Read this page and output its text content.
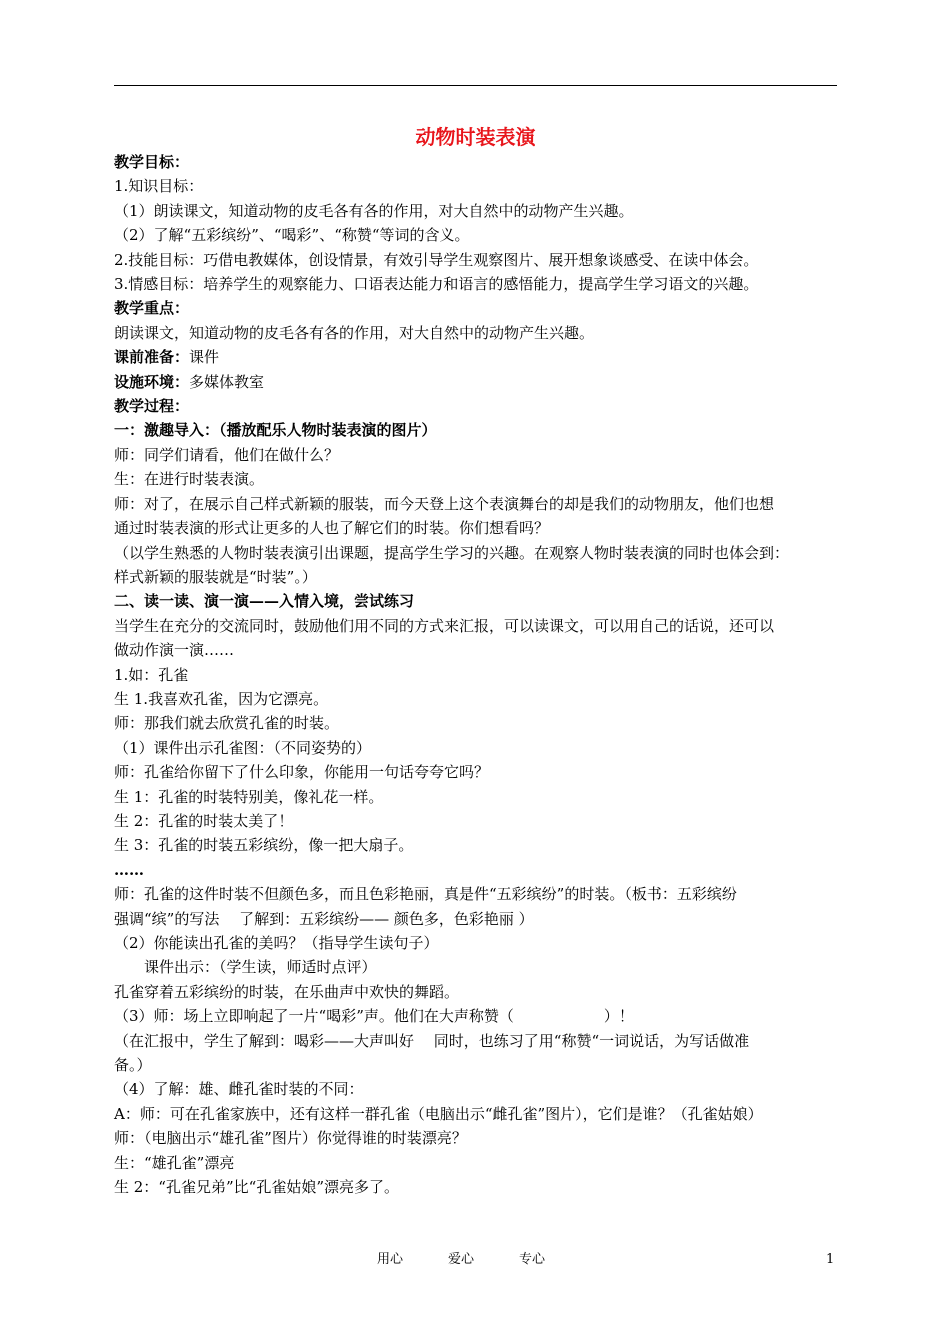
动物时装表演
教学目标：
1.知识目标：
（1）朗读课文，知道动物的皮毛各有各的作用，对大自然中的动物产生兴趣。
（2）了解“五彩缤纷”、“喝彩”、“称赞“等词的含义。
2.技能目标：巧借电教媒体，创设情景，有效引导学生观察图片、展开想象谈感受、在读中体会。
3.情感目标：培养学生的观察能力、口语表达能力和语言的感悟能力，提高学生学习语文的兴趣。
教学重点：
朗读课文，知道动物的皮毛各有各的作用，对大自然中的动物产生兴趣。
课前准备：课件
设施环境：多媒体教室
教学过程：
一：激趣导入：（播放配乐人物时装表演的图片）
师：同学们请看，他们在做什么？
生：在进行时装表演。
师：对了，在展示自己样式新颖的服装，而今天登上这个表演舞台的却是我们的动物朋友，他们也想
通过时装表演的形式让更多的人也了解它们的时装。你们想看吗？
（以学生熟悉的人物时装表演引出课题，提高学生学习的兴趣。在观察人物时装表演的同时也体会到：
样式新颖的服装就是“时装”。）
二、读一读、演一演——入情入境，尝试练习
当学生在充分的交流同时，鼓励他们用不同的方式来汇报，可以读课文，可以用自己的话说，还可以
做动作演一演……
1.如：孔雀
生 1.我喜欢孔雀，因为它漂亮。
师：那我们就去欣赏孔雀的时装。
（1）课件出示孔雀图：（不同姿势的）
师：孔雀给你留下了什么印象，你能用一句话夸夸它吗？
生 1：孔雀的时装特别美，像礼花一样。
生 2：孔雀的时装太美了！
生 3：孔雀的时装五彩缤纷，像一把大扇子。
……
师：孔雀的这件时装不但颜色多，而且色彩艳丽，真是件“五彩缤纷”的时装。（板书：五彩缤纷
强调“缤”的写法　 了解到：五彩缤纷—— 颜色多，色彩艳丽 ）
（2）你能读出孔雀的美吗？（指导学生读句子）
　　课件出示：（学生读，师适时点评）
孔雀穿着五彩缤纷的时装，在乐曲声中欢快的舞蹈。
（3）师：场上立即响起了一片“喝彩”声。他们在大声称赞（　　　　　　）！
（在汇报中，学生了解到：喝彩——大声叫好　 同时，也练习了用“称赞“一词说话，为写话做准
备。）
（4）了解：雄、雌孔雀时装的不同：
A：师：可在孔雀家族中，还有这样一群孔雀（电脑出示“雌孔雀”图片），它们是谁？（孔雀姑娘）
师：（电脑出示“雄孔雀”图片）你觉得谁的时装漂亮？
生：“雄孔雀”漂亮
生 2：“孔雀兄弟”比“孔雀姑娘”漂亮多了。
用心	爱心	专心	1
